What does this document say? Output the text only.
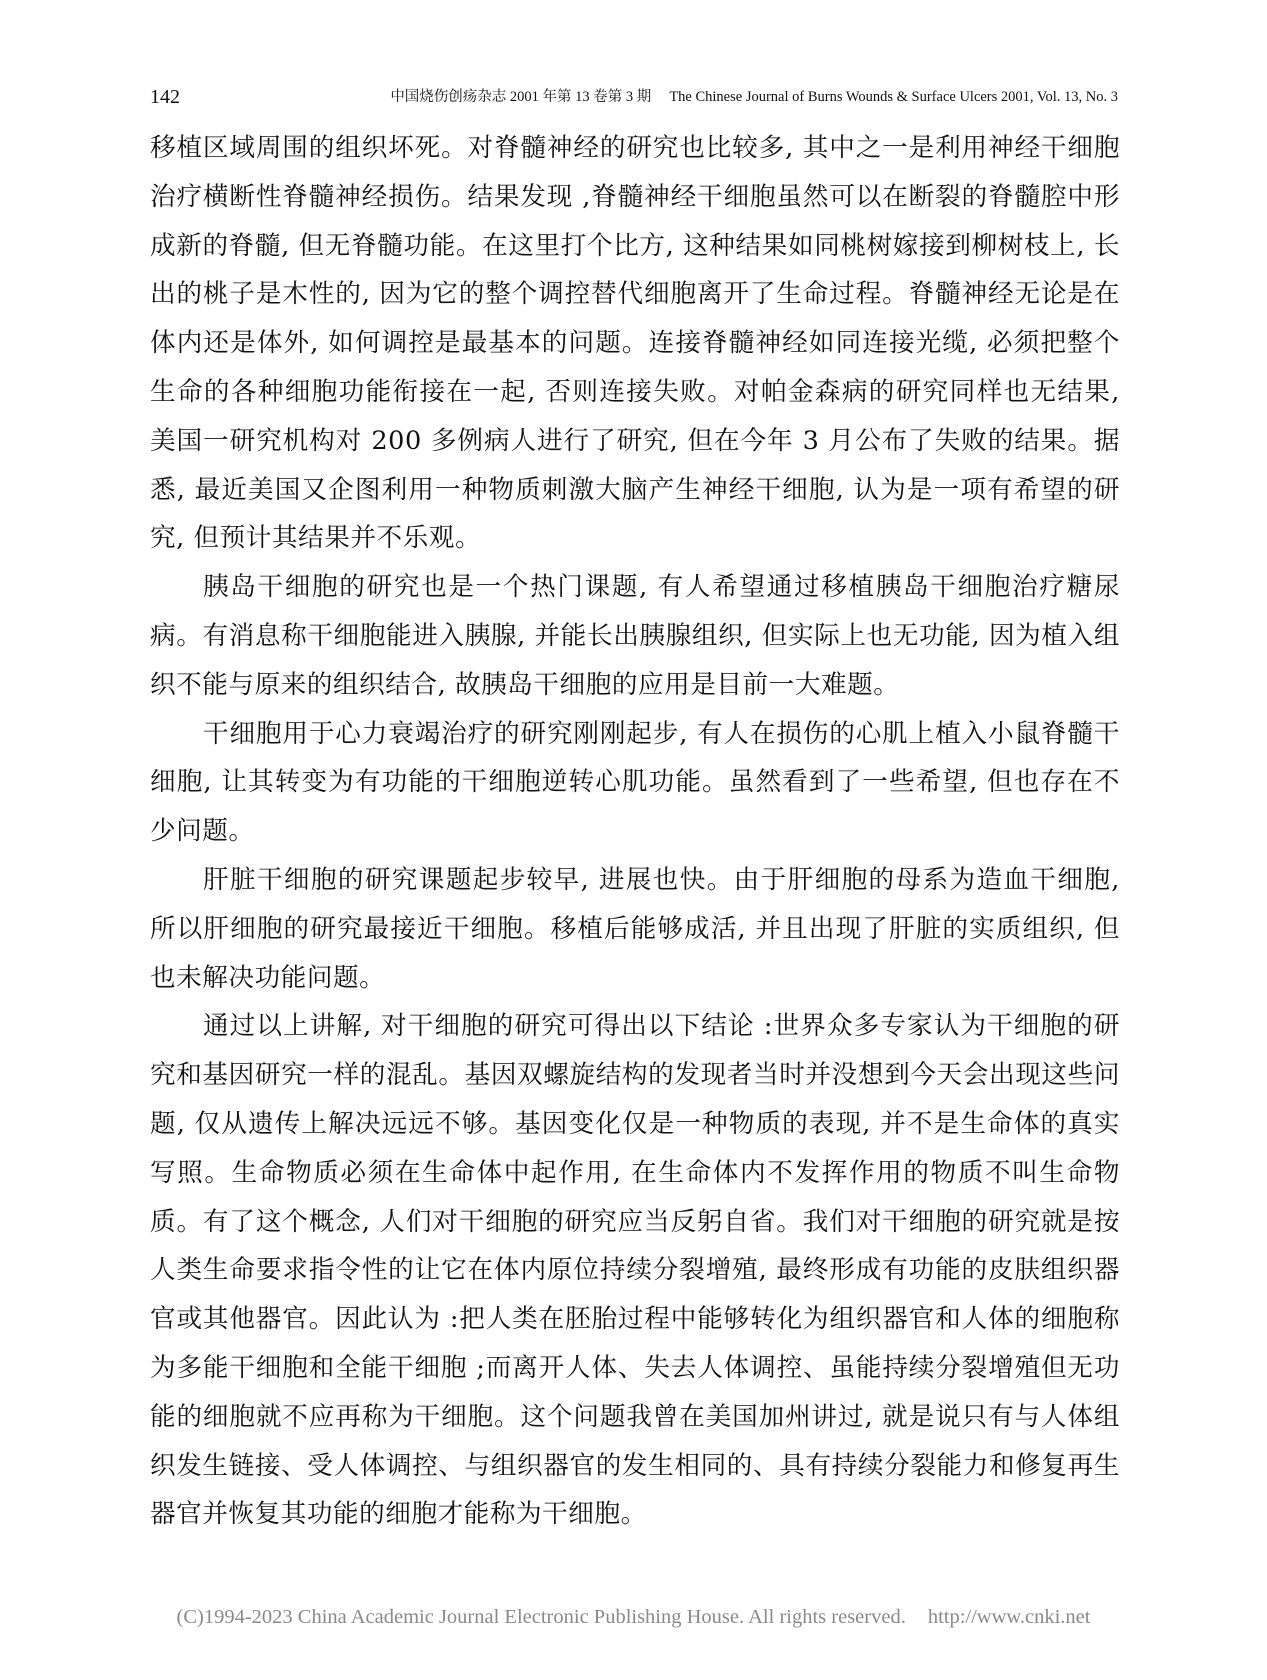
142	中国烧伤创疡杂志 2001 年第 13 卷第 3 期 The Chinese Journal of Burns Wounds & Surface Ulcers 2001, Vol. 13, No. 3

移植区域周围的组织坏死。对脊髓神经的研究也比较多, 其中之一是利用神经干细胞治疗横断性脊髓神经损伤。结果发现 ,脊髓神经干细胞虽然可以在断裂的脊髓腔中形成新的脊髓, 但无脊髓功能。在这里打个比方, 这种结果如同桃树嫁接到柳树枝上, 长出的桃子是木性的, 因为它的整个调控替代细胞离开了生命过程。脊髓神经无论是在体内还是体外, 如何调控是最基本的问题。连接脊髓神经如同连接光缆, 必须把整个生命的各种细胞功能衔接在一起, 否则连接失败。对帕金森病的研究同样也无结果, 美国一研究机构对 200 多例病人进行了研究, 但在今年 3 月公布了失败的结果。据悉, 最近美国又企图利用一种物质刺激大脑产生神经干细胞, 认为是一项有希望的研究, 但预计其结果并不乐观。

胰岛干细胞的研究也是一个热门课题, 有人希望通过移植胰岛干细胞治疗糖尿病。有消息称干细胞能进入胰腺, 并能长出胰腺组织, 但实际上也无功能, 因为植入组织不能与原来的组织结合, 故胰岛干细胞的应用是目前一大难题。

干细胞用于心力衰竭治疗的研究刚刚起步, 有人在损伤的心肌上植入小鼠脊髓干细胞, 让其转变为有功能的干细胞逆转心肌功能。虽然看到了一些希望, 但也存在不少问题。

肝脏干细胞的研究课题起步较早, 进展也快。由于肝细胞的母系为造血干细胞, 所以肝细胞的研究最接近干细胞。移植后能够成活, 并且出现了肝脏的实质组织, 但也未解决功能问题。

通过以上讲解, 对干细胞的研究可得出以下结论 :世界众多专家认为干细胞的研究和基因研究一样的混乱。基因双螺旋结构的发现者当时并没想到今天会出现这些问题, 仅从遗传上解决远远不够。基因变化仅是一种物质的表现, 并不是生命体的真实写照。生命物质必须在生命体中起作用, 在生命体内不发挥作用的物质不叫生命物质。有了这个概念, 人们对干细胞的研究应当反躬自省。我们对干细胞的研究就是按人类生命要求指令性的让它在体内原位持续分裂增殖, 最终形成有功能的皮肤组织器官或其他器官。因此认为 :把人类在胚胎过程中能够转化为组织器官和人体的细胞称为多能干细胞和全能干细胞 ;而离开人体、失去人体调控、虽能持续分裂增殖但无功能的细胞就不应再称为干细胞。这个问题我曾在美国加州讲过, 就是说只有与人体组织发生链接、受人体调控、与组织器官的发生相同的、具有持续分裂能力和修复再生器官并恢复其功能的细胞才能称为干细胞。

(C)1994-2023 China Academic Journal Electronic Publishing House. All rights reserved. http://www.cnki.net
